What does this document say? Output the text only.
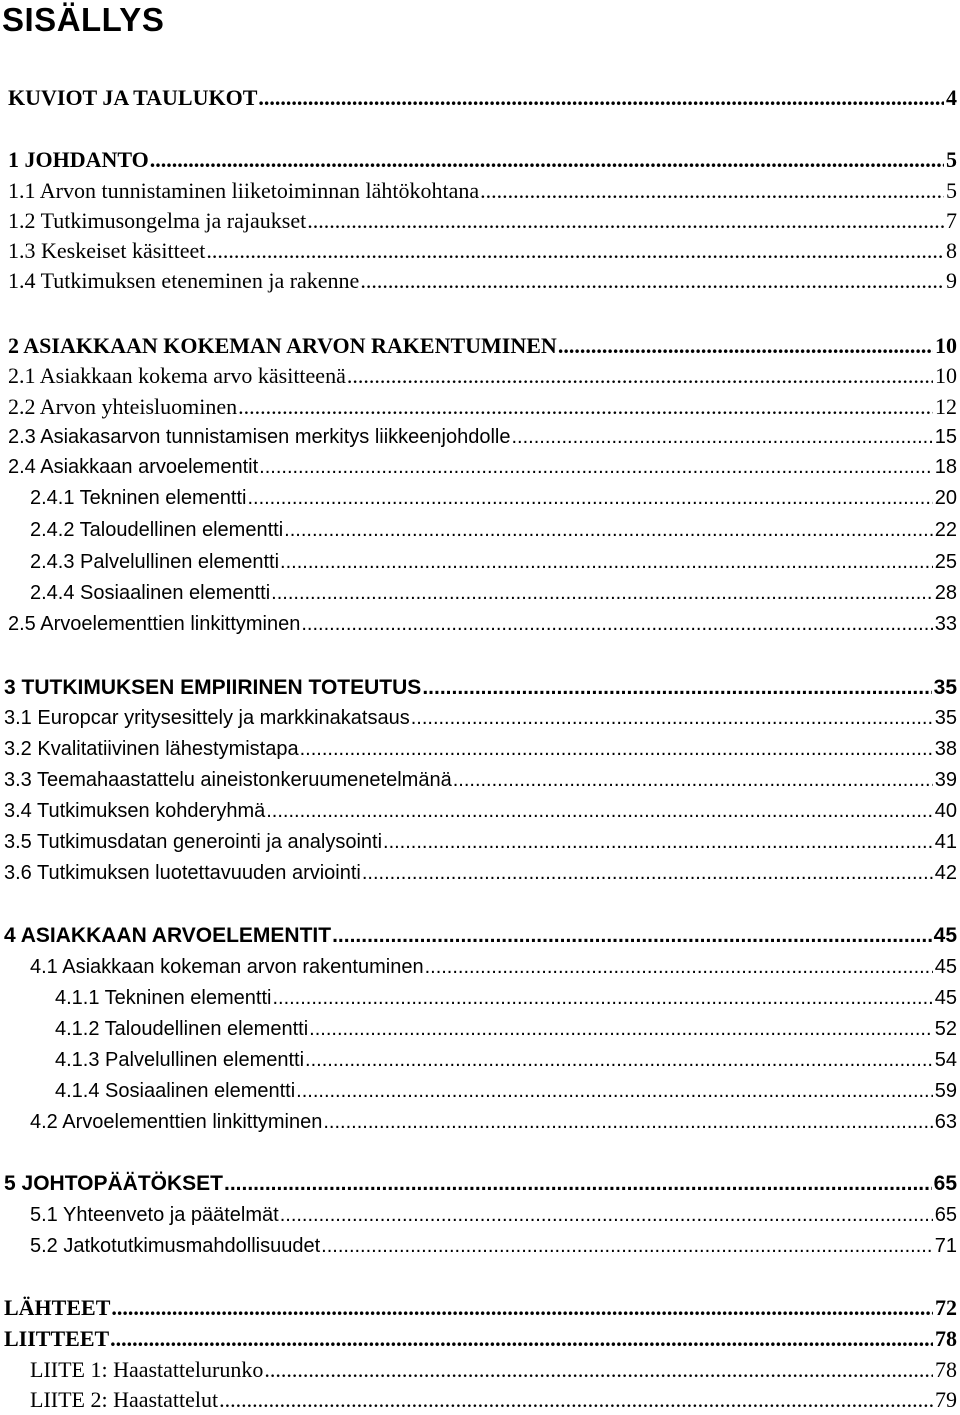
SISÄLLYS
KUVIOT JA TAULUKOT .....	4
1 JOHDANTO .....	5
1.1 Arvon tunnistaminen liiketoiminnan lähtökohtana .....	5
1.2 Tutkimusongelma ja rajaukset .....	7
1.3 Keskeiset käsitteet .....	8
1.4 Tutkimuksen eteneminen ja rakenne .....	9
2 ASIAKKAAN KOKEMAN ARVON RAKENTUMINEN .....	10
2.1 Asiakkaan kokema arvo käsitteenä .....	10
2.2 Arvon yhteisluominen .....	12
2.3 Asiakasarvon tunnistamisen merkitys liikkeenjohdolle .....	15
2.4 Asiakkaan arvoelementit .....	18
2.4.1 Tekninen elementti .....	20
2.4.2 Taloudellinen elementti .....	22
2.4.3 Palvelullinen elementti .....	25
2.4.4 Sosiaalinen elementti .....	28
2.5 Arvoelementtien linkittyminen .....	33
3 TUTKIMUKSEN EMPIIRINEN TOTEUTUS .....	35
3.1 Europcar yritysesittely ja markkinakatsaus .....	35
3.2 Kvalitatiivinen lähestymistapa .....	38
3.3 Teemahaastattelu aineistonkeruumenetelmänä .....	39
3.4 Tutkimuksen kohderyhmä .....	40
3.5 Tutkimusdatan generointi ja analysointi .....	41
3.6 Tutkimuksen luotettavuuden arviointi .....	42
4 ASIAKKAAN ARVOELEMENTIT .....	45
4.1 Asiakkaan kokeman arvon rakentuminen .....	45
4.1.1 Tekninen elementti .....	45
4.1.2 Taloudellinen elementti .....	52
4.1.3 Palvelullinen elementti .....	54
4.1.4 Sosiaalinen elementti .....	59
4.2 Arvoelementtien linkittyminen .....	63
5 JOHTOPÄÄTÖKSET .....	65
5.1 Yhteenveto ja päätelmät .....	65
5.2 Jatkotutkimusmahdollisuudet .....	71
LÄHTEET .....	72
LIITTEET .....	78
LIITE 1: Haastattelurunko .....	78
LIITE 2: Haastattelut .....	79
